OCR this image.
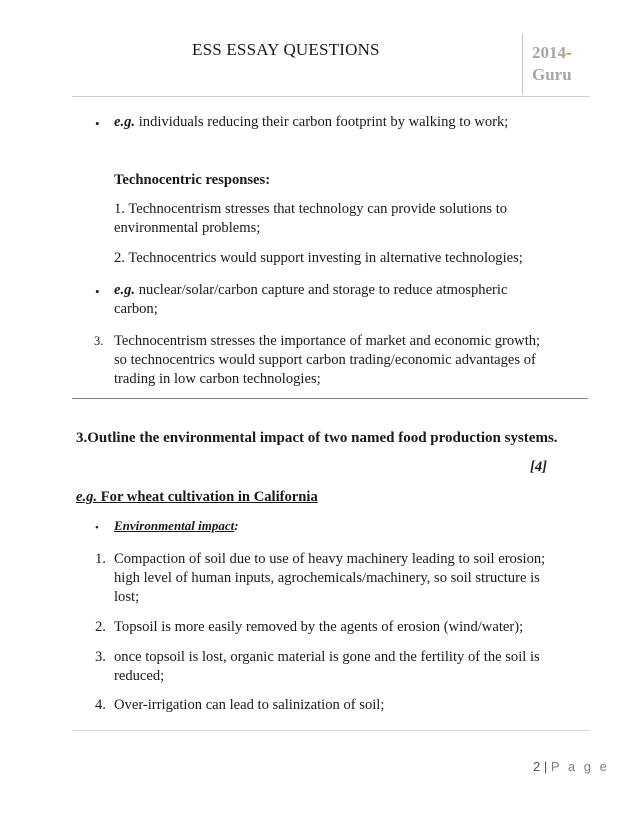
ESS ESSAY QUESTIONS	2014-
Guru
• e.g. individuals reducing their carbon footprint by walking to work;
Technocentric responses:
1. Technocentrism stresses that technology can provide solutions to
environmental problems;
2. Technocentrics would support investing in alternative technologies;
• e.g. nuclear/solar/carbon capture and storage to reduce atmospheric
carbon;
3. Technocentrism stresses the importance of market and economic growth;
so technocentrics would support carbon trading/economic advantages of
trading in low carbon technologies;
3.Outline the environmental impact of two named food production systems.
[4]
e.g. For wheat cultivation in California
• Environmental impact:
1. Compaction of soil due to use of heavy machinery leading to soil erosion;
high level of human inputs, agrochemicals/machinery, so soil structure is
lost;
2. Topsoil is more easily removed by the agents of erosion (wind/water);
3. once topsoil is lost, organic material is gone and the fertility of the soil is
reduced;
4. Over-irrigation can lead to salinization of soil;
2 | P a g e
